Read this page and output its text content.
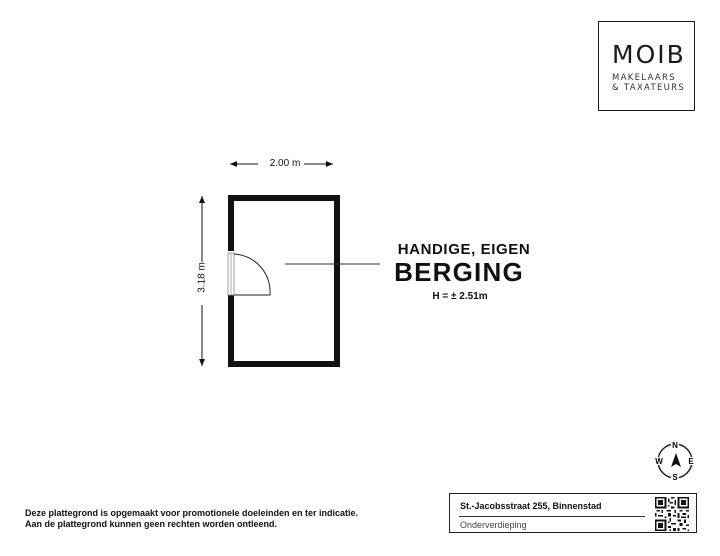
MOIB
MAKELAARS
& TAXATEURS
2.00 m
3.18 m
HANDIGE, EIGEN
BERGING
H = ± 2.51m
N
S
W	E
Deze plattegrond is opgemaakt voor promotionele doeleinden en ter indicatie.
Aan de plattegrond kunnen geen rechten worden ontleend.
St.-Jacobsstraat 255, Binnenstad
Onderverdieping
